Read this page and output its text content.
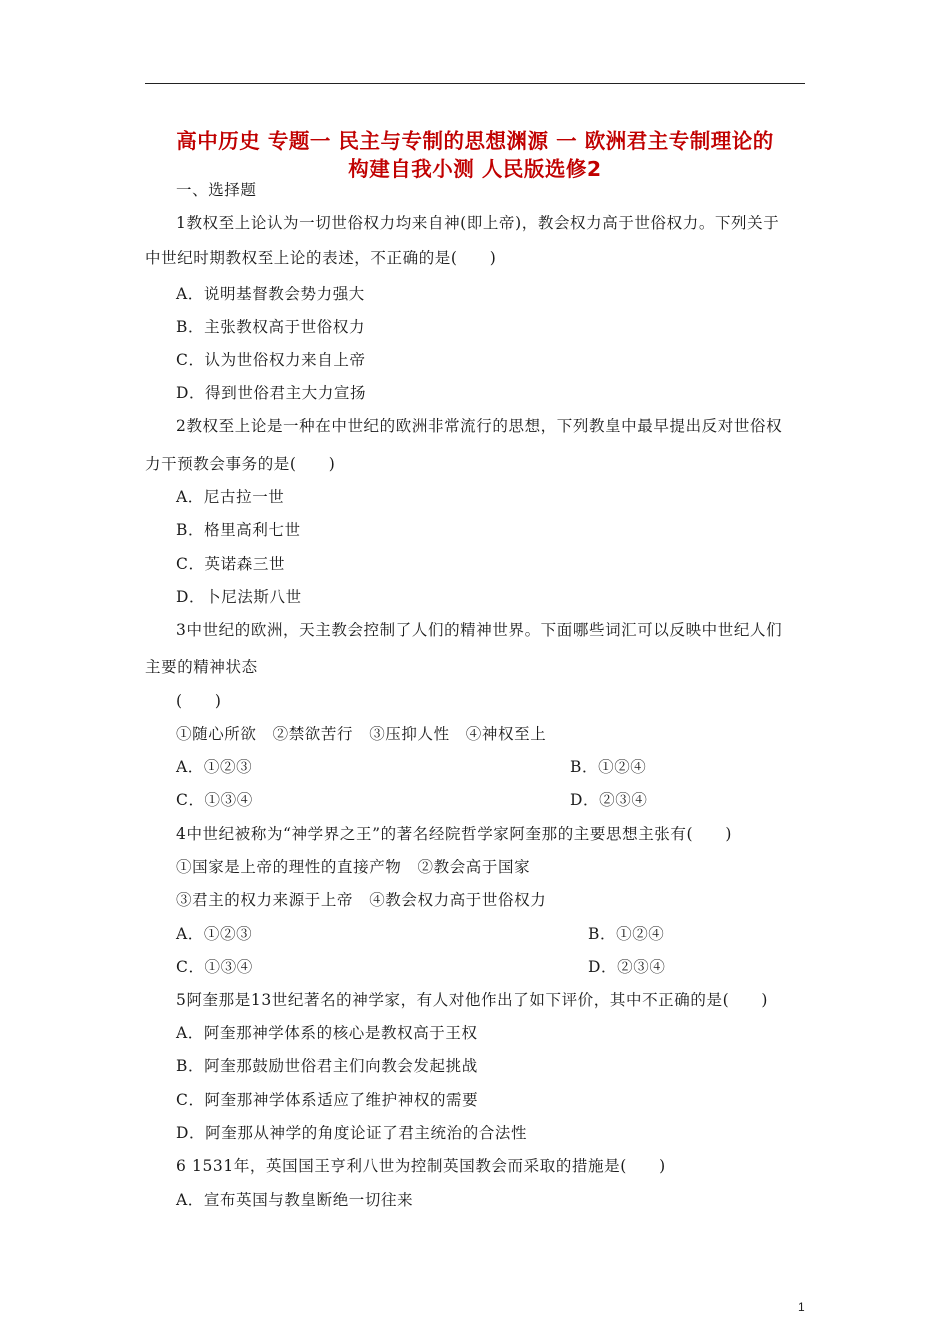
高中历史 专题一 民主与专制的思想渊源 一 欧洲君主专制理论的
构建自我小测 人民版选修2
一、选择题
1教权至上论认为一切世俗权力均来自神(即上帝)，教会权力高于世俗权力。下列关于
中世纪时期教权至上论的表述，不正确的是(　　)
A．说明基督教会势力强大
B．主张教权高于世俗权力
C．认为世俗权力来自上帝
D．得到世俗君主大力宣扬
2教权至上论是一种在中世纪的欧洲非常流行的思想，下列教皇中最早提出反对世俗权
力干预教会事务的是(　　)
A．尼古拉一世
B．格里高利七世
C．英诺森三世
D．卜尼法斯八世
3中世纪的欧洲，天主教会控制了人们的精神世界。下面哪些词汇可以反映中世纪人们
主要的精神状态
(　　)
①随心所欲　②禁欲苦行　③压抑人性　④神权至上
A．①②③	B．①②④
C．①③④	D．②③④
4中世纪被称为“神学界之王”的著名经院哲学家阿奎那的主要思想主张有(　　)
①国家是上帝的理性的直接产物　②教会高于国家
③君主的权力来源于上帝　④教会权力高于世俗权力
A．①②③	B．①②④
C．①③④	D．②③④
5阿奎那是13世纪著名的神学家，有人对他作出了如下评价，其中不正确的是(　　)
A．阿奎那神学体系的核心是教权高于王权
B．阿奎那鼓励世俗君主们向教会发起挑战
C．阿奎那神学体系适应了维护神权的需要
D．阿奎那从神学的角度论证了君主统治的合法性
6 1531年，英国国王亨利八世为控制英国教会而采取的措施是(　　)
A．宣布英国与教皇断绝一切往来
1
